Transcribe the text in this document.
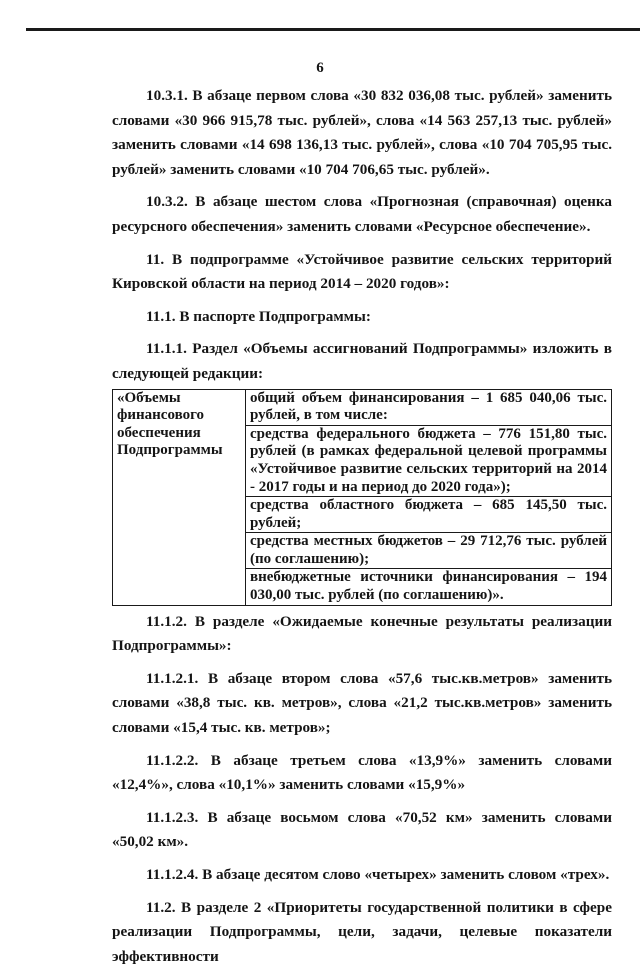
6

10.3.1. В абзаце первом слова «30 832 036,08 тыс. рублей» заменить словами «30 966 915,78 тыс. рублей», слова «14 563 257,13 тыс. рублей» заменить словами «14 698 136,13 тыс. рублей», слова «10 704 705,95 тыс. рублей» заменить словами «10 704 706,65 тыс. рублей».

10.3.2. В абзаце шестом слова «Прогнозная (справочная) оценка ресурсного обеспечения» заменить словами «Ресурсное обеспечение».

11. В подпрограмме «Устойчивое развитие сельских территорий Кировской области на период 2014 – 2020 годов»:

11.1. В паспорте Подпрограммы:

11.1.1. Раздел «Объемы ассигнований Подпрограммы» изложить в следующей редакции:

«Объемы финансового обеспечения Подпрограммы	
общий объем финансирования – 1 685 040,06 тыс. рублей, в том числе:
средства федерального бюджета – 776 151,80 тыс. рублей (в рамках федеральной целевой программы «Устойчивое развитие сельских территорий на 2014 - 2017 годы и на период до 2020 года»);
средства областного бюджета – 685 145,50 тыс. рублей;
средства местных бюджетов – 29 712,76 тыс. рублей (по соглашению);
внебюджетные источники финансирования – 194 030,00 тыс. рублей (по соглашению)».

11.1.2. В разделе «Ожидаемые конечные результаты реализации Подпрограммы»:

11.1.2.1. В абзаце втором слова «57,6 тыс.кв.метров» заменить словами «38,8 тыс. кв. метров», слова «21,2 тыс.кв.метров» заменить словами «15,4 тыс. кв. метров»;

11.1.2.2. В абзаце третьем слова «13,9%» заменить словами «12,4%», слова «10,1%» заменить словами «15,9%»

11.1.2.3. В абзаце восьмом слова «70,52 км» заменить словами «50,02 км».

11.1.2.4. В абзаце десятом слово «четырех» заменить словом «трех».

11.2. В разделе 2 «Приоритеты государственной политики в сфере реализации Подпрограммы, цели, задачи, целевые показатели эффективности
